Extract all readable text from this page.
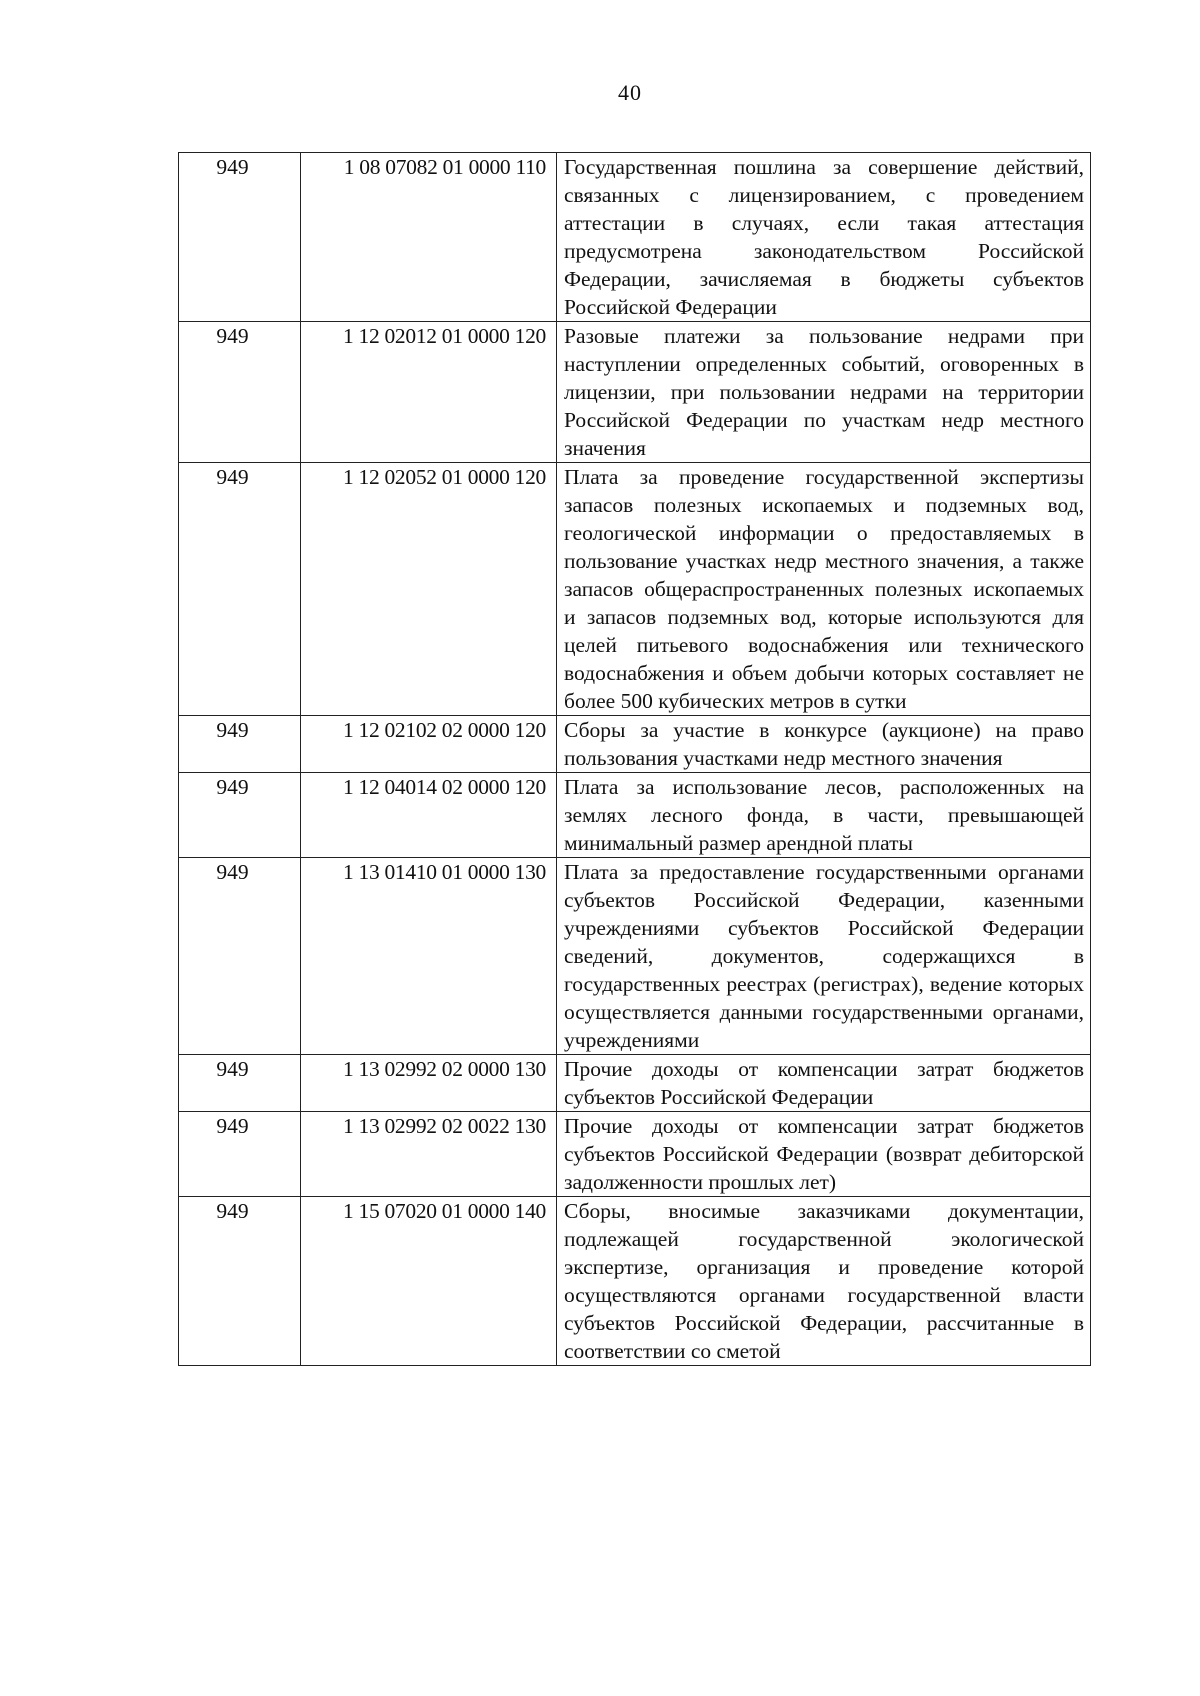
40
949	1 08 07082 01 0000 110	Государственная пошлина за совершение действий, связанных с лицензированием, с проведением аттестации в случаях, если такая аттестация предусмотрена законодательством Российской Федерации, зачисляемая в бюджеты субъектов Российской Федерации
949	1 12 02012 01 0000 120	Разовые платежи за пользование недрами при наступлении определенных событий, оговоренных в лицензии, при пользовании недрами на территории Российской Федерации по участкам недр местного значения
949	1 12 02052 01 0000 120	Плата за проведение государственной экспертизы запасов полезных ископаемых и подземных вод, геологической информации о предоставляемых в пользование участках недр местного значения, а также запасов общераспространенных полезных ископаемых и запасов подземных вод, которые используются для целей питьевого водоснабжения или технического водоснабжения и объем добычи которых составляет не более 500 кубических метров в сутки
949	1 12 02102 02 0000 120	Сборы за участие в конкурсе (аукционе) на право пользования участками недр местного значения
949	1 12 04014 02 0000 120	Плата за использование лесов, расположенных на землях лесного фонда, в части, превышающей минимальный размер арендной платы
949	1 13 01410 01 0000 130	Плата за предоставление государственными органами субъектов Российской Федерации, казенными учреждениями субъектов Российской Федерации сведений, документов, содержащихся в государственных реестрах (регистрах), ведение которых осуществляется данными государственными органами, учреждениями
949	1 13 02992 02 0000 130	Прочие доходы от компенсации затрат бюджетов субъектов Российской Федерации
949	1 13 02992 02 0022 130	Прочие доходы от компенсации затрат бюджетов субъектов Российской Федерации (возврат дебиторской задолженности прошлых лет)
949	1 15 07020 01 0000 140	Сборы, вносимые заказчиками документации, подлежащей государственной экологической экспертизе, организация и проведение которой осуществляются органами государственной власти субъектов Российской Федерации, рассчитанные в соответствии со сметой
